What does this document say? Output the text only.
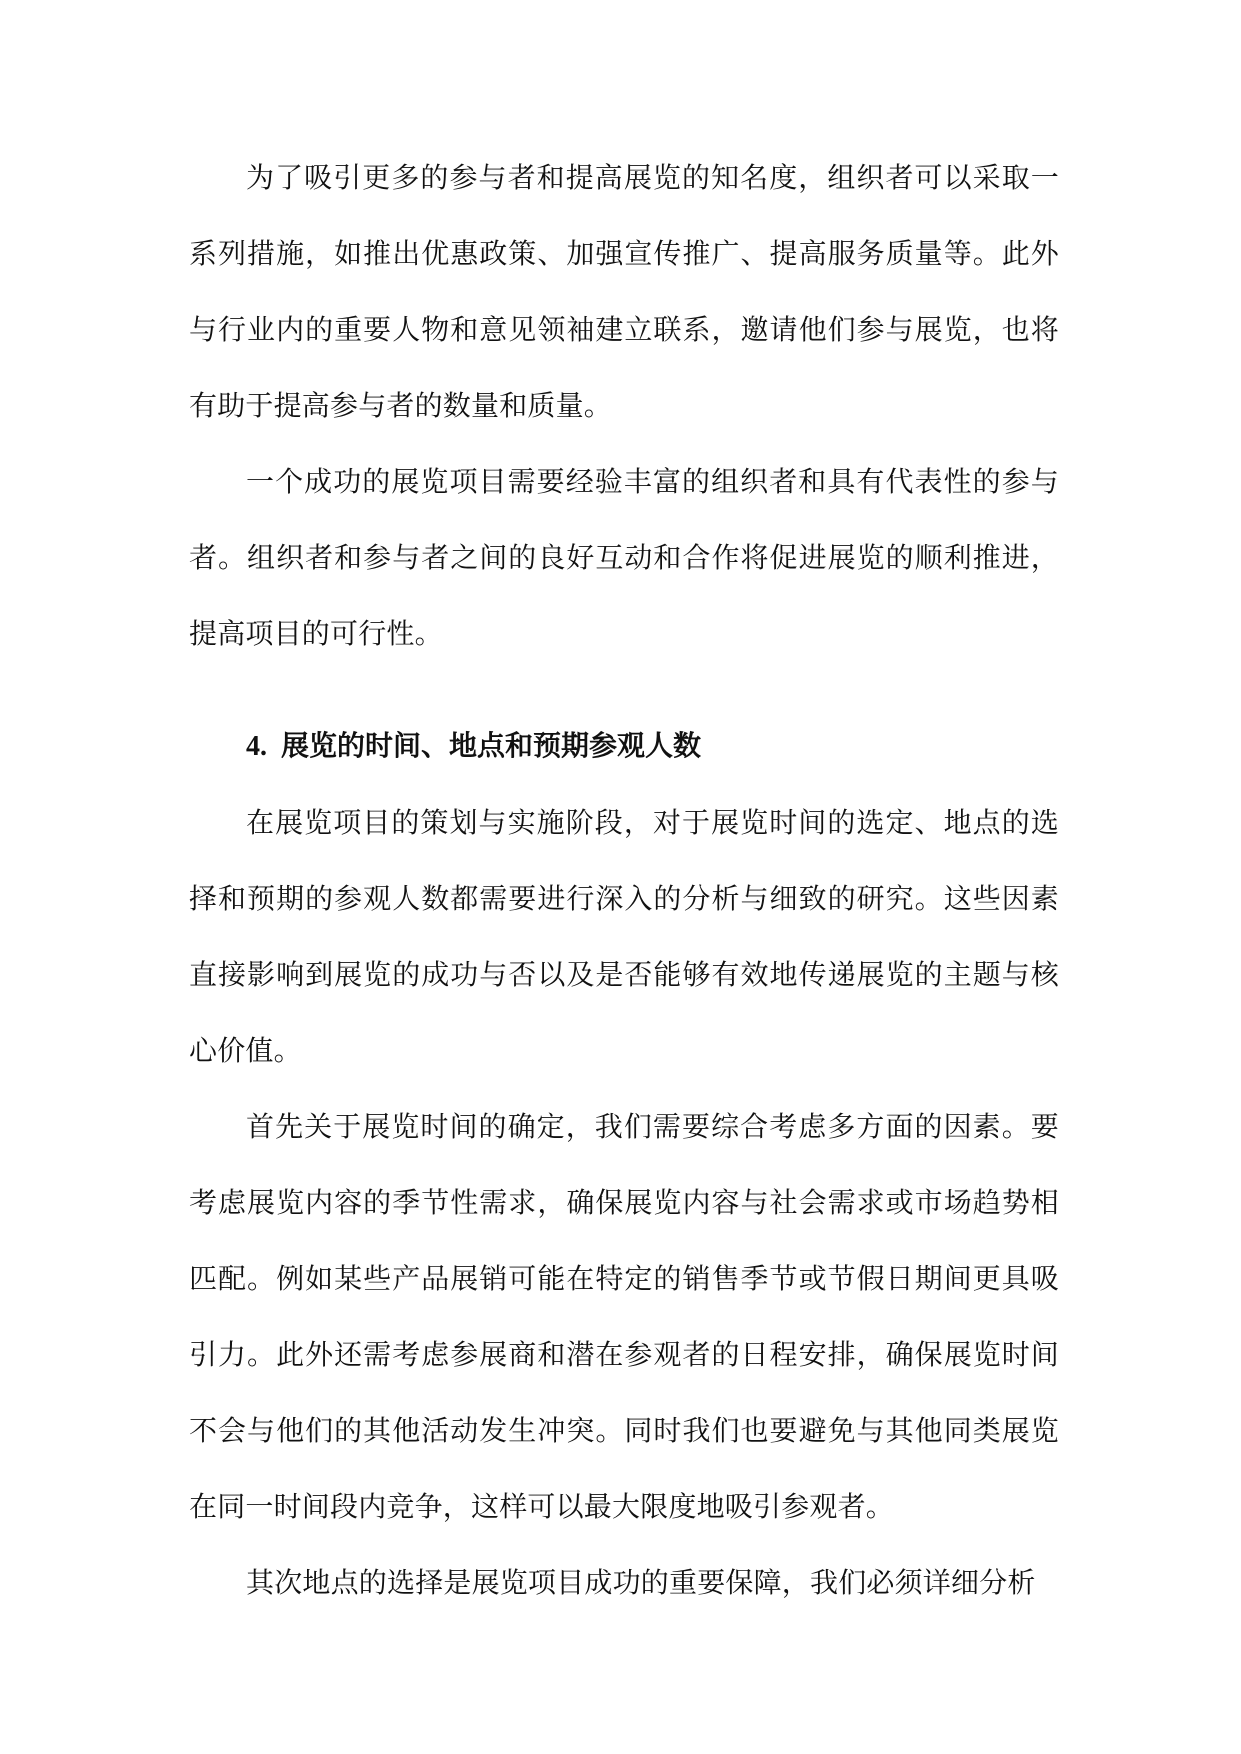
为了吸引更多的参与者和提高展览的知名度，组织者可以采取一系列措施，如推出优惠政策、加强宣传推广、提高服务质量等。此外与行业内的重要人物和意见领袖建立联系，邀请他们参与展览，也将有助于提高参与者的数量和质量。

一个成功的展览项目需要经验丰富的组织者和具有代表性的参与者。组织者和参与者之间的良好互动和合作将促进展览的顺利推进，提高项目的可行性。

4. 展览的时间、地点和预期参观人数

在展览项目的策划与实施阶段，对于展览时间的选定、地点的选择和预期的参观人数都需要进行深入的分析与细致的研究。这些因素直接影响到展览的成功与否以及是否能够有效地传递展览的主题与核心价值。

首先关于展览时间的确定，我们需要综合考虑多方面的因素。要考虑展览内容的季节性需求，确保展览内容与社会需求或市场趋势相匹配。例如某些产品展销可能在特定的销售季节或节假日期间更具吸引力。此外还需考虑参展商和潜在参观者的日程安排，确保展览时间不会与他们的其他活动发生冲突。同时我们也要避免与其他同类展览在同一时间段内竞争，这样可以最大限度地吸引参观者。

其次地点的选择是展览项目成功的重要保障，我们必须详细分析
